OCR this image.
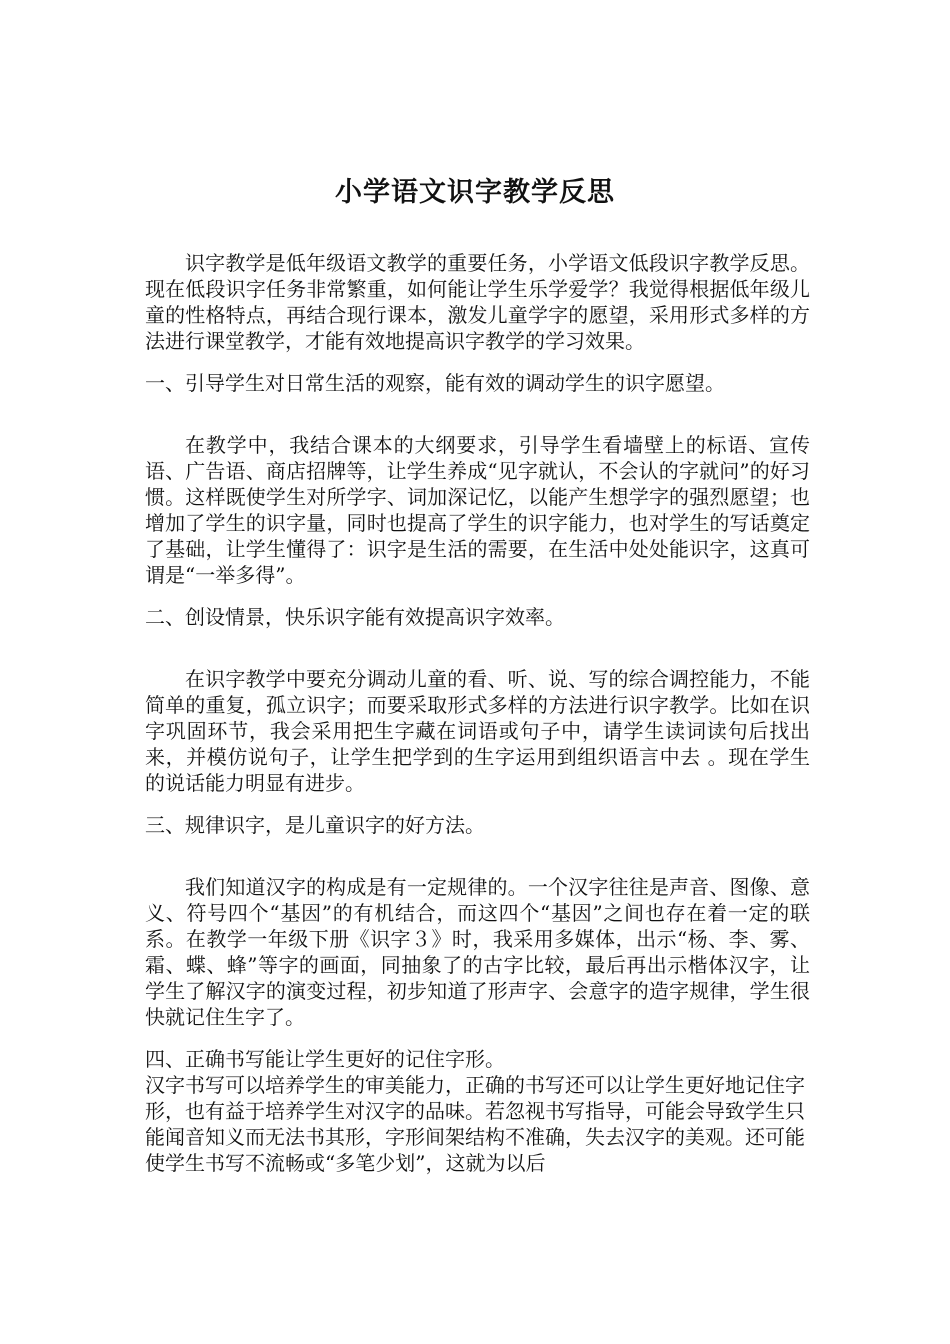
小学语文识字教学反思

识字教学是低年级语文教学的重要任务，小学语文低段识字教学反思。现在低段识字任务非常繁重，如何能让学生乐学爱学？我觉得根据低年级儿童的性格特点，再结合现行课本，激发儿童学字的愿望，采用形式多样的方法进行课堂教学，才能有效地提高识字教学的学习效果。

一、引导学生对日常生活的观察，能有效的调动学生的识字愿望。

在教学中，我结合课本的大纲要求，引导学生看墙壁上的标语、宣传语、广告语、商店招牌等，让学生养成“见字就认，不会认的字就问”的好习惯。这样既使学生对所学字、词加深记忆，以能产生想学字的强烈愿望；也增加了学生的识字量，同时也提高了学生的识字能力，也对学生的写话奠定了基础，让学生懂得了：识字是生活的需要，在生活中处处能识字，这真可谓是“一举多得”。

二、创设情景，快乐识字能有效提高识字效率。

在识字教学中要充分调动儿童的看、听、说、写的综合调控能力，不能简单的重复，孤立识字；而要采取形式多样的方法进行识字教学。比如在识字巩固环节，我会采用把生字藏在词语或句子中，请学生读词读句后找出来，并模仿说句子，让学生把学到的生字运用到组织语言中去 。现在学生的说话能力明显有进步。

三、规律识字，是儿童识字的好方法。

我们知道汉字的构成是有一定规律的。一个汉字往往是声音、图像、意义、符号四个“基因”的有机结合，而这四个“基因”之间也存在着一定的联系。在教学一年级下册《识字３》时，我采用多媒体，出示“杨、李、雾、霜、蝶、蜂”等字的画面，同抽象了的古字比较，最后再出示楷体汉字，让学生了解汉字的演变过程，初步知道了形声字、会意字的造字规律，学生很快就记住生字了。

四、正确书写能让学生更好的记住字形。

汉字书写可以培养学生的审美能力，正确的书写还可以让学生更好地记住字形，也有益于培养学生对汉字的品味。若忽视书写指导，可能会导致学生只能闻音知义而无法书其形，字形间架结构不准确，失去汉字的美观。还可能使学生书写不流畅或“多笔少划”，这就为以后
